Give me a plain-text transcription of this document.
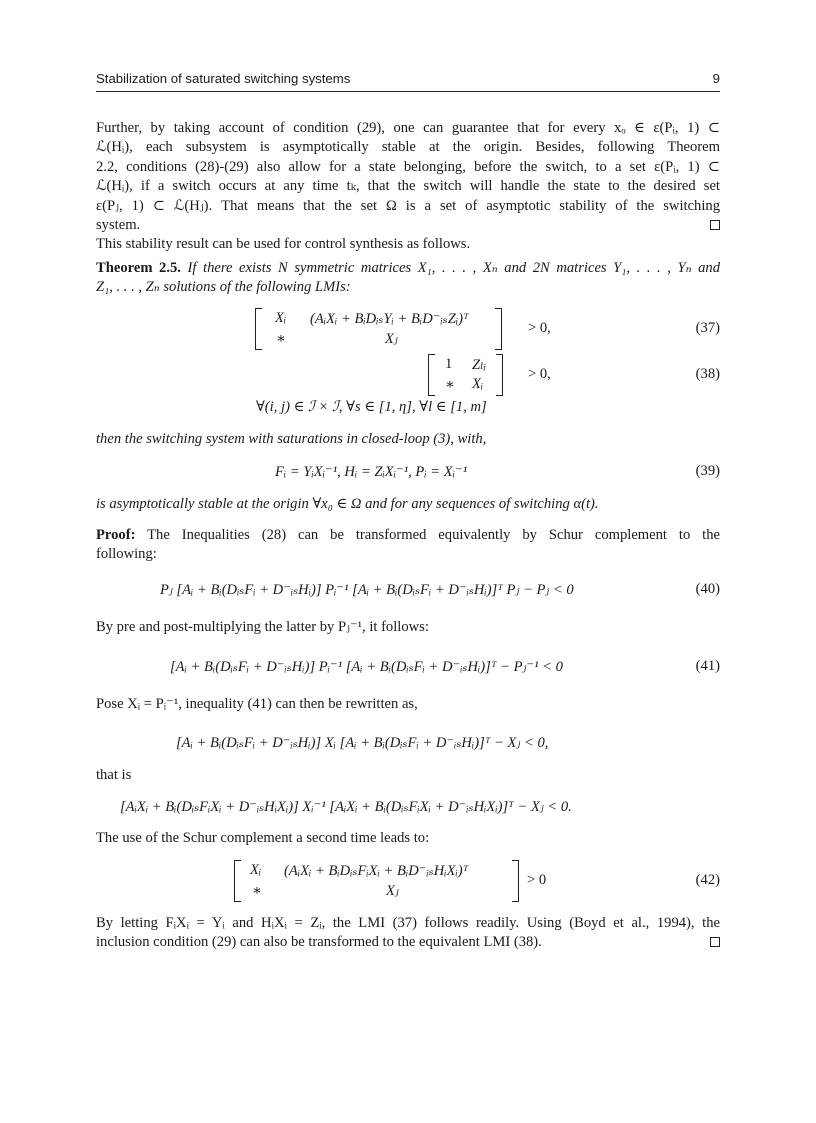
Stabilization of saturated switching systems	9
Further, by taking account of condition (29), one can guarantee that for every xₒ ∈ ε(Pᵢ, 1) ⊂
ℒ(Hᵢ), each subsystem is asymptotically stable at the origin. Besides, following Theorem
2.2, conditions (28)-(29) also allow for a state belonging, before the switch, to a set ε(Pᵢ, 1) ⊂
ℒ(Hᵢ), if a switch occurs at any time tₖ, that the switch will handle the state to the desired set
ε(Pⱼ, 1) ⊂ ℒ(Hⱼ). That means that the set Ω is a set of asymptotic stability of the switching
system.
This stability result can be used for control synthesis as follows.
Theorem 2.5. If there exists N symmetric matrices X₁, . . . , Xₙ and 2N matrices Y₁, . . . , Yₙ and
Z₁, . . . , Zₙ solutions of the following LMIs:
Xᵢ (AᵢXᵢ + BᵢDᵢₛYᵢ + BᵢD⁻ᵢₛZᵢ)ᵀ
∗	Xⱼ
> 0,	(37)
1 Zₗᵢ
∗ Xᵢ
> 0,	(38)
∀(i, j) ∈ ℐ × ℐ, ∀s ∈ [1, η], ∀l ∈ [1, m]
then the switching system with saturations in closed-loop (3), with,
Fᵢ = YᵢXᵢ⁻¹, Hᵢ = ZᵢXᵢ⁻¹, Pᵢ = Xᵢ⁻¹	(39)
is asymptotically stable at the origin ∀x₀ ∈ Ω and for any sequences of switching α(t).
Proof: The Inequalities (28) can be transformed equivalently by Schur complement to the
following:
Pⱼ [Aᵢ + Bᵢ(DᵢₛFᵢ + D⁻ᵢₛHᵢ)] Pᵢ⁻¹ [Aᵢ + Bᵢ(DᵢₛFᵢ + D⁻ᵢₛHᵢ)]ᵀ Pⱼ − Pⱼ < 0	(40)
By pre and post-multiplying the latter by Pⱼ⁻¹, it follows:
[Aᵢ + Bᵢ(DᵢₛFᵢ + D⁻ᵢₛHᵢ)] Pᵢ⁻¹ [Aᵢ + Bᵢ(DᵢₛFᵢ + D⁻ᵢₛHᵢ)]ᵀ − Pⱼ⁻¹ < 0	(41)
Pose Xᵢ = Pᵢ⁻¹, inequality (41) can then be rewritten as,
[Aᵢ + Bᵢ(DᵢₛFᵢ + D⁻ᵢₛHᵢ)] Xᵢ [Aᵢ + Bᵢ(DᵢₛFᵢ + D⁻ᵢₛHᵢ)]ᵀ − Xⱼ < 0,
that is
[AᵢXᵢ + Bᵢ(DᵢₛFᵢXᵢ + D⁻ᵢₛHᵢXᵢ)] Xᵢ⁻¹ [AᵢXᵢ + Bᵢ(DᵢₛFᵢXᵢ + D⁻ᵢₛHᵢXᵢ)]ᵀ − Xⱼ < 0.
The use of the Schur complement a second time leads to:
Xᵢ (AᵢXᵢ + BᵢDᵢₛFᵢXᵢ + BᵢD⁻ᵢₛHᵢXᵢ)ᵀ
∗	Xⱼ
> 0	(42)
By letting FᵢXᵢ = Yᵢ and HᵢXᵢ = Zᵢ, the LMI (37) follows readily. Using (Boyd et al., 1994), the
inclusion condition (29) can also be transformed to the equivalent LMI (38).
